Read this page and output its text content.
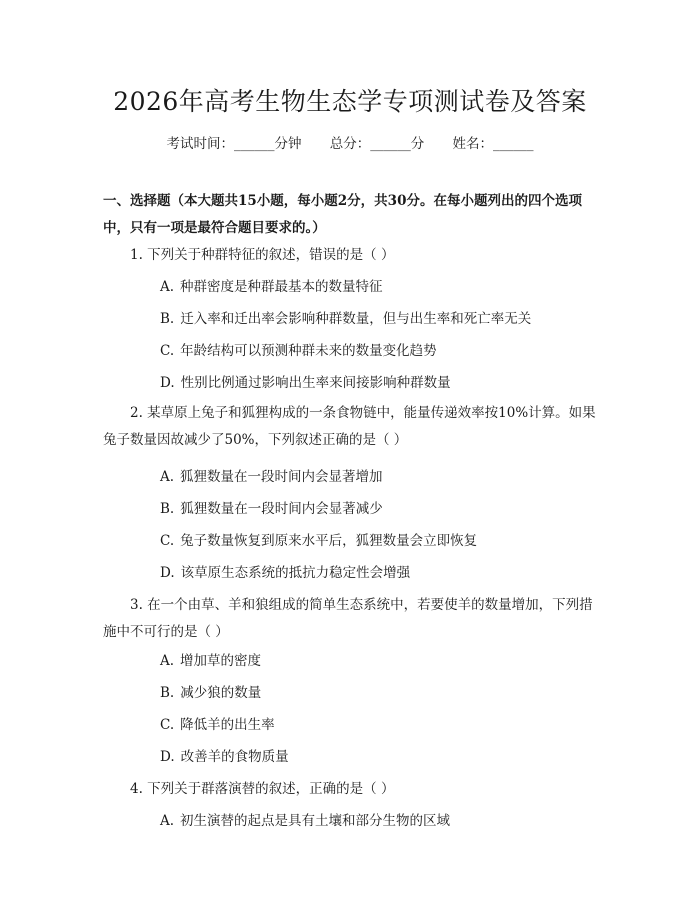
2026年高考生物生态学专项测试卷及答案
考试时间：______分钟 总分：______分 姓名：______
一、选择题（本大题共15小题，每小题2分，共30分。在每小题列出的四个选项中，只有一项是最符合题目要求的。）
1. 下列关于种群特征的叙述，错误的是（ ）
A. 种群密度是种群最基本的数量特征
B. 迁入率和迁出率会影响种群数量，但与出生率和死亡率无关
C. 年龄结构可以预测种群未来的数量变化趋势
D. 性别比例通过影响出生率来间接影响种群数量
2. 某草原上兔子和狐狸构成的一条食物链中，能量传递效率按10%计算。如果兔子数量因故减少了50%，下列叙述正确的是（ ）
A. 狐狸数量在一段时间内会显著增加
B. 狐狸数量在一段时间内会显著减少
C. 兔子数量恢复到原来水平后，狐狸数量会立即恢复
D. 该草原生态系统的抵抗力稳定性会增强
3. 在一个由草、羊和狼组成的简单生态系统中，若要使羊的数量增加，下列措施中不可行的是（ ）
A. 增加草的密度
B. 减少狼的数量
C. 降低羊的出生率
D. 改善羊的食物质量
4. 下列关于群落演替的叙述，正确的是（ ）
A. 初生演替的起点是具有土壤和部分生物的区域
